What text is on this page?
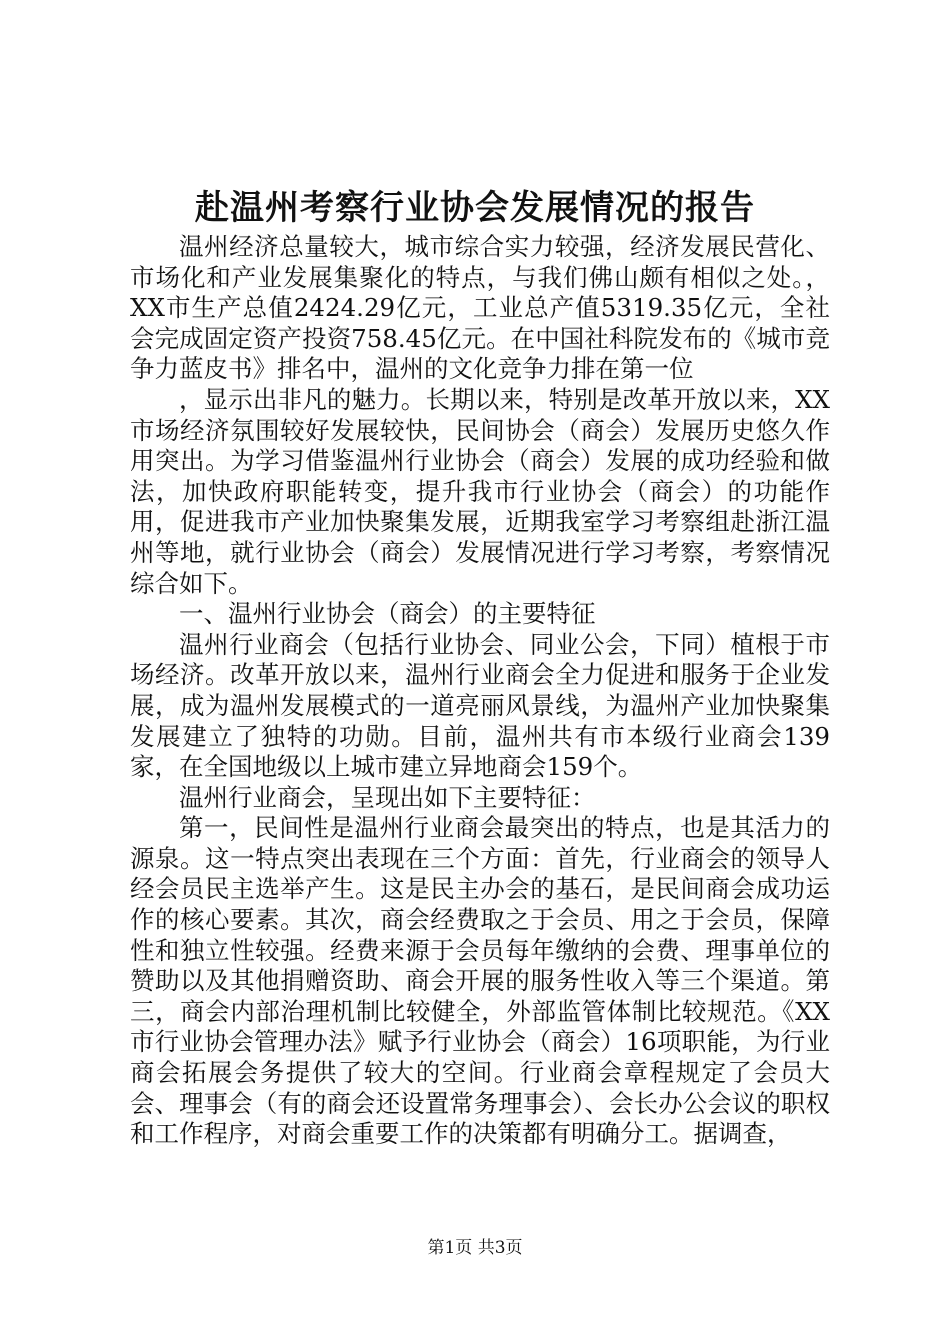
赴温州考察行业协会发展情况的报告

温州经济总量较大，城市综合实力较强，经济发展民营化、市场化和产业发展集聚化的特点，与我们佛山颇有相似之处。，XX市生产总值2424.29亿元，工业总产值5319.35亿元，全社会完成固定资产投资758.45亿元。在中国社科院发布的《城市竞争力蓝皮书》排名中，温州的文化竞争力排在第一位

，显示出非凡的魅力。长期以来，特别是改革开放以来，XX市场经济氛围较好发展较快，民间协会（商会）发展历史悠久作用突出。为学习借鉴温州行业协会（商会）发展的成功经验和做法，加快政府职能转变，提升我市行业协会（商会）的功能作用，促进我市产业加快聚集发展，近期我室学习考察组赴浙江温州等地，就行业协会（商会）发展情况进行学习考察，考察情况综合如下。

一、温州行业协会（商会）的主要特征

温州行业商会（包括行业协会、同业公会，下同）植根于市场经济。改革开放以来，温州行业商会全力促进和服务于企业发展，成为温州发展模式的一道亮丽风景线，为温州产业加快聚集发展建立了独特的功勋。目前，温州共有市本级行业商会139家，在全国地级以上城市建立异地商会159个。

温州行业商会，呈现出如下主要特征：

第一，民间性是温州行业商会最突出的特点，也是其活力的源泉。这一特点突出表现在三个方面：首先，行业商会的领导人经会员民主选举产生。这是民主办会的基石，是民间商会成功运作的核心要素。其次，商会经费取之于会员、用之于会员，保障性和独立性较强。经费来源于会员每年缴纳的会费、理事单位的赞助以及其他捐赠资助、商会开展的服务性收入等三个渠道。第三，商会内部治理机制比较健全，外部监管体制比较规范。《XX市行业协会管理办法》赋予行业协会（商会）16项职能，为行业商会拓展会务提供了较大的空间。行业商会章程规定了会员大会、理事会（有的商会还设置常务理事会）、会长办公会议的职权和工作程序，对商会重要工作的决策都有明确分工。据调查，

第1页 共3页
